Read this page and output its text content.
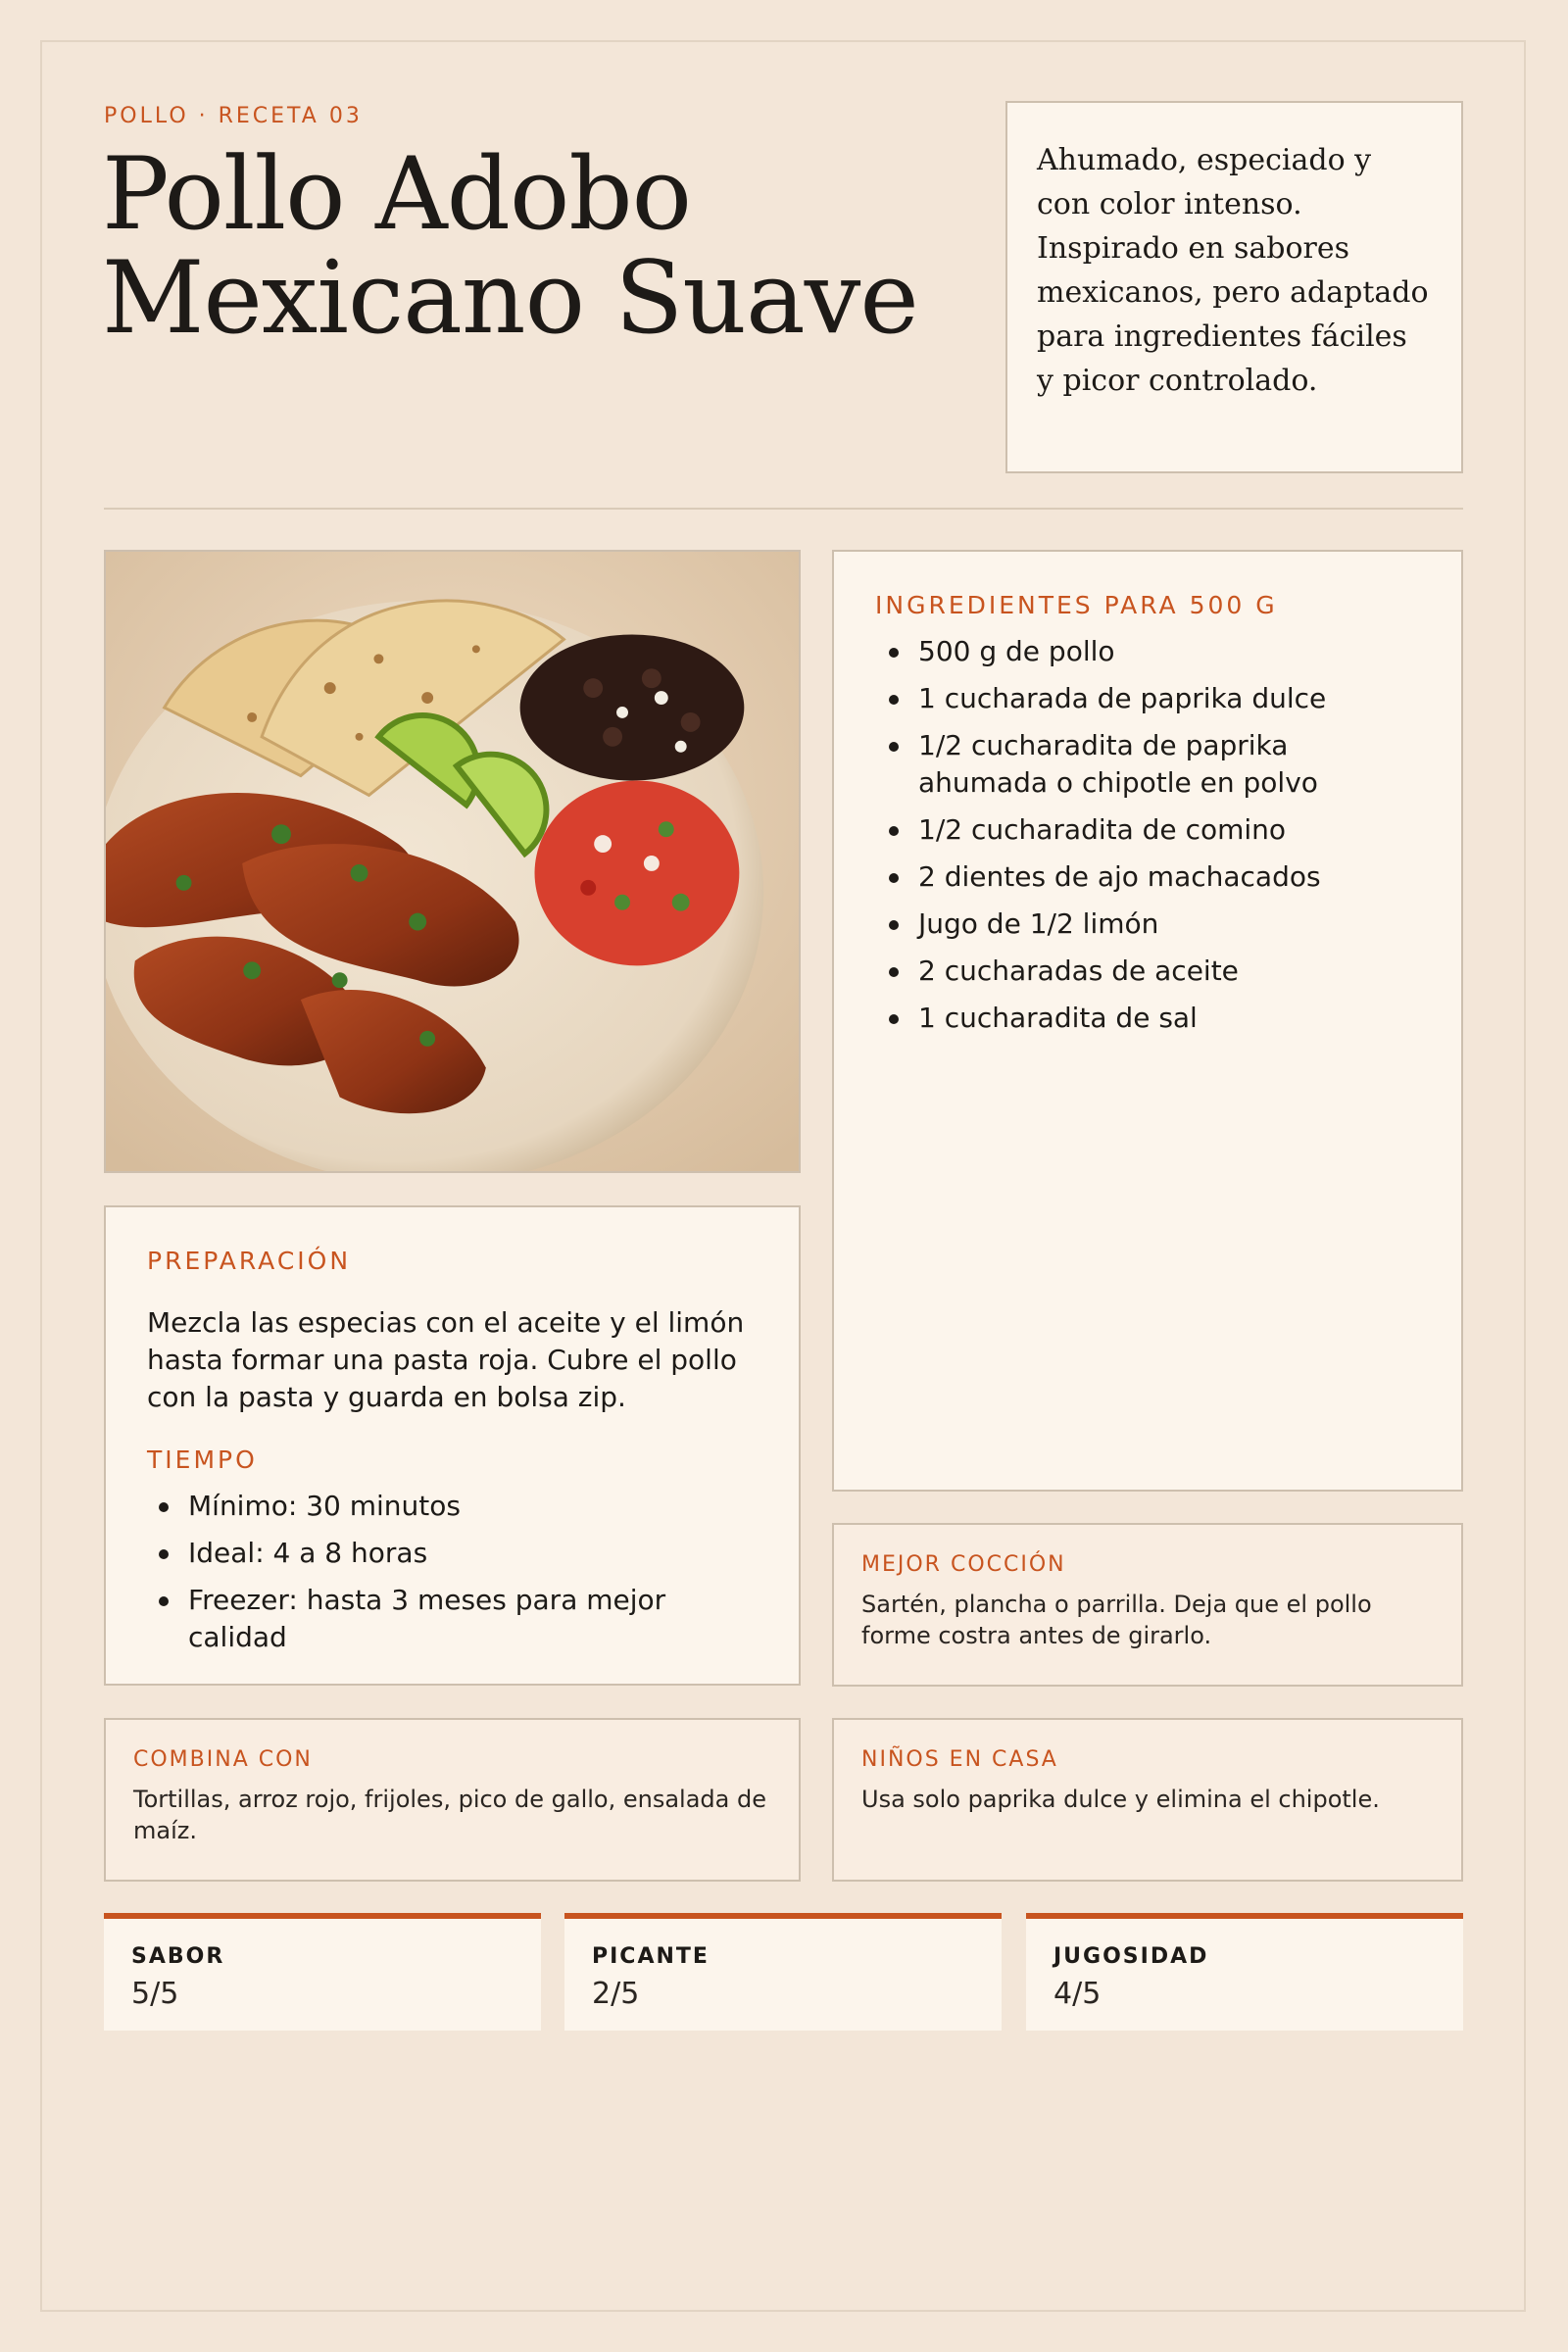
POLLO · RECETA 03
Pollo Adobo
Mexicano Suave
Ahumado, especiado y con color intenso. Inspirado en sabores mexicanos, pero adaptado para ingredientes fáciles y picor controlado.
INGREDIENTES PARA 500 G
500 g de pollo
1 cucharada de paprika dulce
1/2 cucharadita de paprika ahumada o chipotle en polvo
1/2 cucharadita de comino
2 dientes de ajo machacados
Jugo de 1/2 limón
2 cucharadas de aceite
1 cucharadita de sal
PREPARACIÓN

Mezcla las especias con el aceite y el limón hasta formar una pasta roja. Cubre el pollo con la pasta y guarda en bolsa zip.

TIEMPO
Mínimo: 30 minutos
Ideal: 4 a 8 horas
Freezer: hasta 3 meses para mejor calidad
MEJOR COCCIÓN

Sartén, plancha o parrilla. Deja que el pollo forme costra antes de girarlo.

COMBINA CON

Tortillas, arroz rojo, frijoles, pico de gallo, ensalada de maíz.

NIÑOS EN CASA

Usa solo paprika dulce y elimina el chipotle.

SABOR
5/5
PICANTE
2/5
JUGOSIDAD
4/5
